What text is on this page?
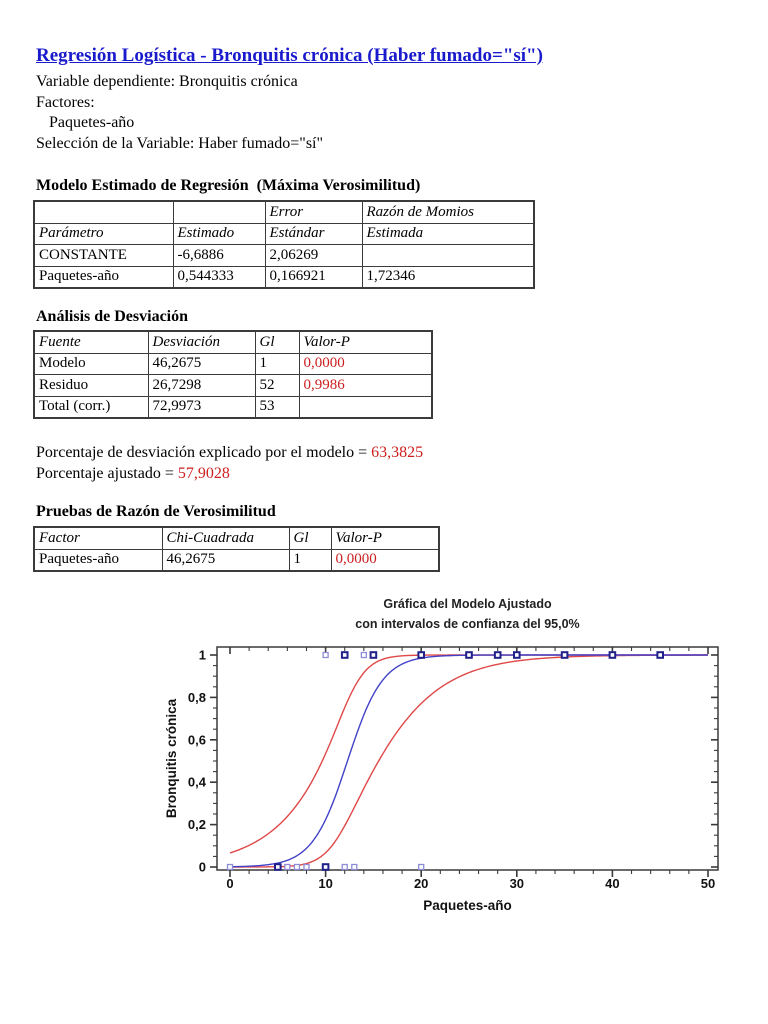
Regresión Logística - Bronquitis crónica (Haber fumado="sí")
Variable dependiente: Bronquitis crónica
Factores:
Paquetes-año
Selección de la Variable: Haber fumado="sí"
Modelo Estimado de Regresión  (Máxima Verosimilitud)
		Error	Razón de Momios
Parámetro	Estimado	Estándar	Estimada
CONSTANTE	-6,6886	2,06269	
Paquetes-año	0,544333	0,166921	1,72346
Análisis de Desviación
Fuente	Desviación	Gl	Valor-P
Modelo	46,2675	1	0,0000
Residuo	26,7298	52	0,9986
Total (corr.)	72,9973	53	
Porcentaje de desviación explicado por el modelo = 63,3825
Porcentaje ajustado = 57,9028
Pruebas de Razón de Verosimilitud
Factor	Chi-Cuadrada	Gl	Valor-P
Paquetes-año	46,2675	1	0,0000
Gráfica del Modelo Ajustado
con intervalos de confianza del 95,0%
0	10	20	30	40	50
0
0,2
0,4
0,6
0,8
1
Paquetes-año
Bronquitis crónica
